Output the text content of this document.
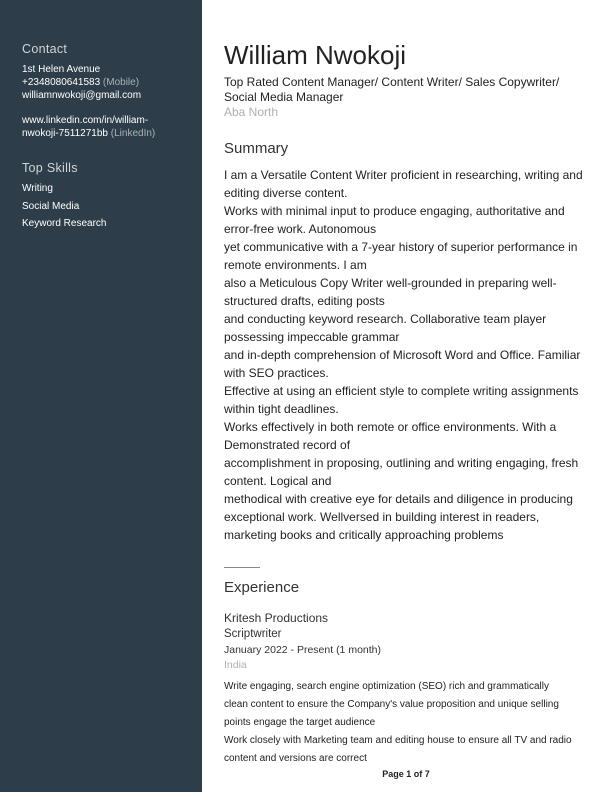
Contact
1st Helen Avenue
+2348080641583 (Mobile)
williamnwokoji@gmail.com
www.linkedin.com/in/william-
nwokoji-7511271bb (LinkedIn)
Top Skills
Writing
Social Media
Keyword Research
William Nwokoji
Top Rated Content Manager/ Content Writer/ Sales Copywriter/
Social Media Manager
Aba North
Summary
I am a Versatile Content Writer proficient in researching, writing and
editing diverse content.
Works with minimal input to produce engaging, authoritative and
error-free work. Autonomous
yet communicative with a 7-year history of superior performance in
remote environments. I am
also a Meticulous Copy Writer well-grounded in preparing well-
structured drafts, editing posts
and conducting keyword research. Collaborative team player
possessing impeccable grammar
and in-depth comprehension of Microsoft Word and Office. Familiar
with SEO practices.
Effective at using an efficient style to complete writing assignments
within tight deadlines.
Works effectively in both remote or office environments. With a
Demonstrated record of
accomplishment in proposing, outlining and writing engaging, fresh
content. Logical and
methodical with creative eye for details and diligence in producing
exceptional work. Wellversed in building interest in readers,
marketing books and critically approaching problems
Experience
Kritesh Productions
Scriptwriter
January 2022 - Present (1 month)
India
Write engaging, search engine optimization (SEO) rich and grammatically
clean content to ensure the Company's value proposition and unique selling
points engage the target audience
Work closely with Marketing team and editing house to ensure all TV and radio
content and versions are correct
Page 1 of 7
